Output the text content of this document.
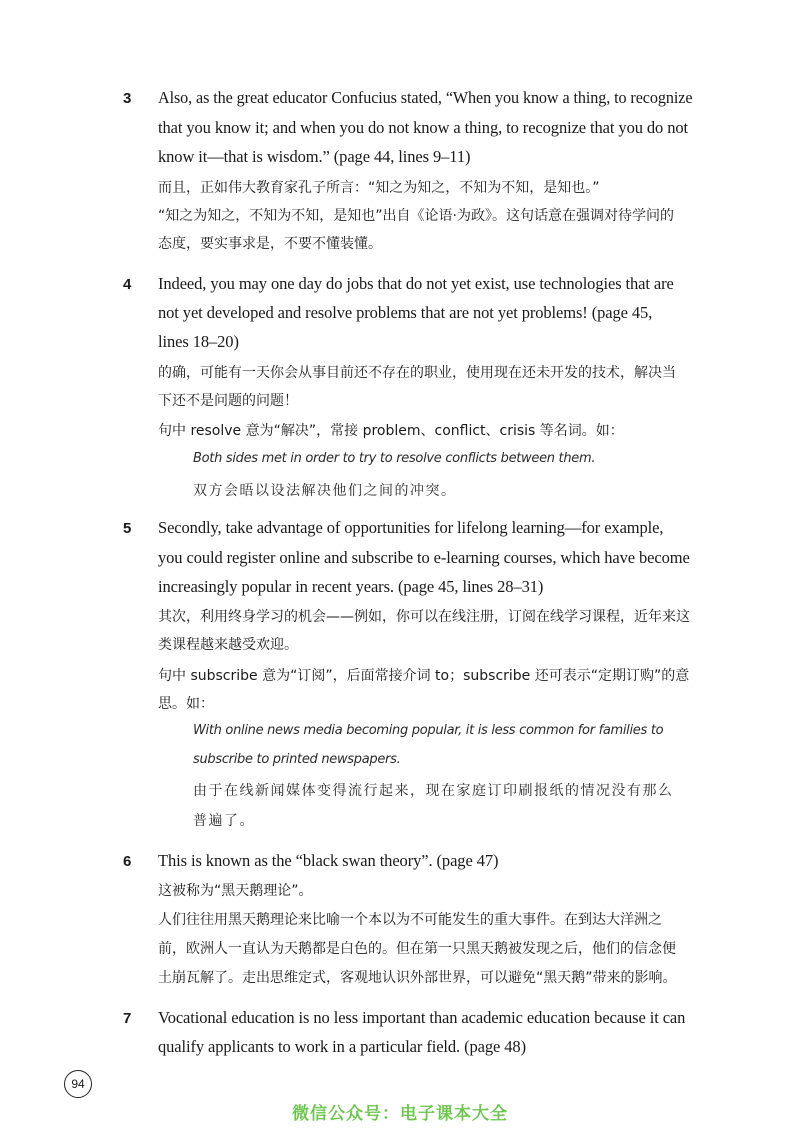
3 Also, as the great educator Confucius stated, “When you know a thing, to recognize
that you know it; and when you do not know a thing, to recognize that you do not
know it—that is wisdom.” (page 44, lines 9–11)
而且，正如伟大教育家孔子所言：“知之为知之，不知为不知，是知也。”
“知之为知之，不知为不知，是知也”出自《论语·为政》。这句话意在强调对待学问的
态度，要实事求是，不要不懂装懂。
4 Indeed, you may one day do jobs that do not yet exist, use technologies that are
not yet developed and resolve problems that are not yet problems! (page 45,
lines 18–20)
的确，可能有一天你会从事目前还不存在的职业，使用现在还未开发的技术，解决当
下还不是问题的问题！
句中 resolve 意为“解决”，常接 problem、conflict、crisis 等名词。如：
Both sides met in order to try to resolve conflicts between them.
双方会晤以设法解决他们之间的冲突。
5 Secondly, take advantage of opportunities for lifelong learning—for example,
you could register online and subscribe to e-learning courses, which have become
increasingly popular in recent years. (page 45, lines 28–31)
其次，利用终身学习的机会——例如，你可以在线注册，订阅在线学习课程，近年来这
类课程越来越受欢迎。
句中 subscribe 意为“订阅”，后面常接介词 to；subscribe 还可表示“定期订购”的意
思。如：
With online news media becoming popular, it is less common for families to
subscribe to printed newspapers.
由于在线新闻媒体变得流行起来，现在家庭订印刷报纸的情况没有那么
普遍了。
6 This is known as the “black swan theory”. (page 47)
这被称为“黑天鹅理论”。
人们往往用黑天鹅理论来比喻一个本以为不可能发生的重大事件。在到达大洋洲之
前，欧洲人一直认为天鹅都是白色的。但在第一只黑天鹅被发现之后，他们的信念便
土崩瓦解了。走出思维定式，客观地认识外部世界，可以避免“黑天鹅”带来的影响。
7 Vocational education is no less important than academic education because it can
qualify applicants to work in a particular field. (page 48)
94
微信公众号：电子课本大全
